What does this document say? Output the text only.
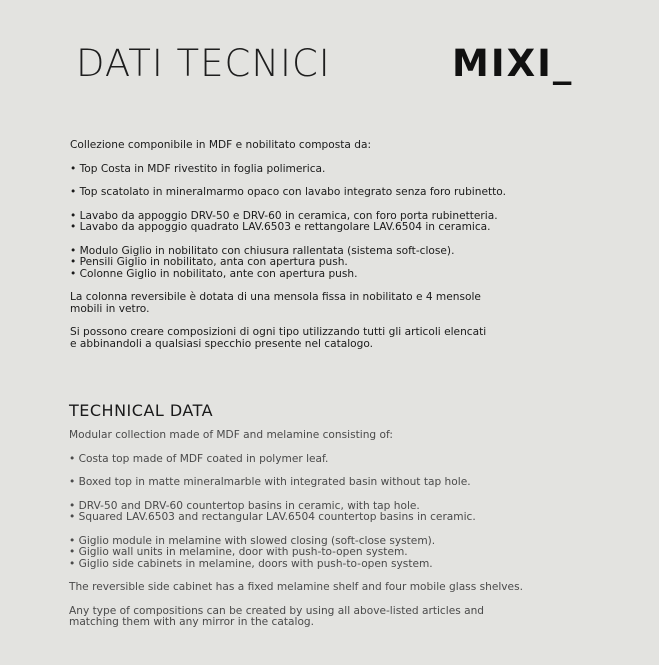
DATI TECNICI	MIXI_

Collezione componibile in MDF e nobilitato composta da:

• Top Costa in MDF rivestito in foglia polimerica.

• Top scatolato in mineralmarmo opaco con lavabo integrato senza foro rubinetto.

• Lavabo da appoggio DRV-50 e DRV-60 in ceramica, con foro porta rubinetteria.

• Lavabo da appoggio quadrato LAV.6503 e rettangolare LAV.6504 in ceramica.

• Modulo Giglio in nobilitato con chiusura rallentata (sistema soft-close).

• Pensili Giglio in nobilitato, anta con apertura push.

• Colonne Giglio in nobilitato, ante con apertura push.

La colonna reversibile è dotata di una mensola fissa in nobilitato e 4 mensole

mobili in vetro.

Si possono creare composizioni di ogni tipo utilizzando tutti gli articoli elencati

e abbinandoli a qualsiasi specchio presente nel catalogo.

TECHNICAL DATA

Modular collection made of MDF and melamine consisting of:

• Costa top made of MDF coated in polymer leaf.

• Boxed top in matte mineralmarble with integrated basin without tap hole.

• DRV-50 and DRV-60 countertop basins in ceramic, with tap hole.

• Squared LAV.6503 and rectangular LAV.6504 countertop basins in ceramic.

• Giglio module in melamine with slowed closing (soft-close system).

• Giglio wall units in melamine, door with push-to-open system.

• Giglio side cabinets in melamine, doors with push-to-open system.

The reversible side cabinet has a fixed melamine shelf and four mobile glass shelves.

Any type of compositions can be created by using all above-listed articles and

matching them with any mirror in the catalog.
